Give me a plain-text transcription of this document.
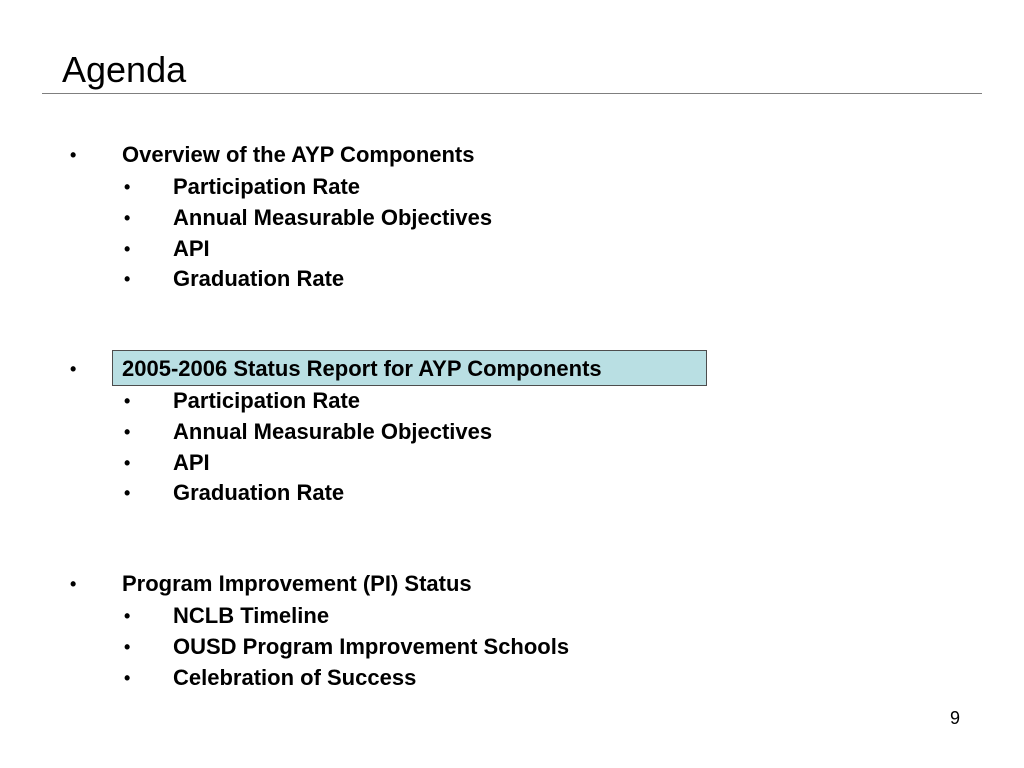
Agenda
• Overview of the AYP Components
• Participation Rate
• Annual Measurable Objectives
• API
• Graduation Rate
• 2005-2006 Status Report for AYP Components
• Participation Rate
• Annual Measurable Objectives
• API
• Graduation Rate
• Program Improvement (PI) Status
• NCLB Timeline
• OUSD Program Improvement Schools
• Celebration of Success
9
